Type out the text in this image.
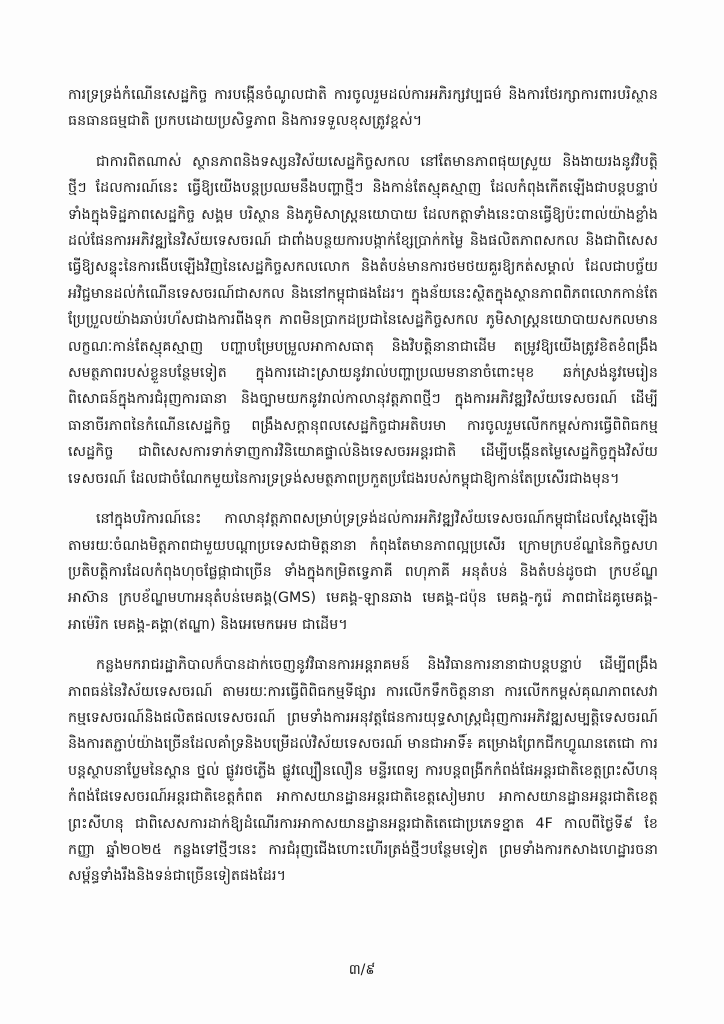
ការទ្រទ្រង់កំណើនសេដ្ឋកិច្ច ការបង្កើនចំណូលជាតិ ការចូលរួមដល់ការអភិរក្សវប្បធម៌ និងការថែរក្សាការពារបរិស្ថាន ធនធានធម្មជាតិ ប្រកបដោយប្រសិទ្ធភាព និងការទទួលខុសត្រូវខ្ពស់។

ជាការពិតណាស់ ស្ថានភាពនិងទស្សនវិស័យសេដ្ឋកិច្ចសកល នៅតែមានភាពផុយស្រួយ និងងាយរងនូវវិបត្តិថ្មីៗ ដែលការណ៍នេះ ធ្វើឱ្យយើងបន្តប្រឈមនឹងបញ្ហាថ្មីៗ និងកាន់តែស្មុគស្មាញ ដែលកំពុងកើតឡើងជាបន្តបន្ទាប់ ទាំងក្នុងទិដ្ឋភាពសេដ្ឋកិច្ច សង្គម បរិស្ថាន និងភូមិសាស្ត្រនយោបាយ ដែលកត្តាទាំងនេះបានធ្វើឱ្យប៉ះពាល់យ៉ាងខ្លាំងដល់ផែនការអភិវឌ្ឍនៃវិស័យទេសចរណ៍ ជាពាំងបន្ថយការបង្កាក់ខ្សែប្រាក់កម្លៃ និងផលិតភាពសកល និងជាពិសេសធ្វើឱ្យសន្ទុះនៃការងើបឡើងវិញនៃសេដ្ឋកិច្ចសកលលោក និងតំបន់មានការថមថយគួរឱ្យកត់សម្គាល់ ដែលជាបច្ច័យអវិជ្ជមានដល់កំណើនទេសចរណ៍ជាសកល និងនៅកម្ពុជាផងដែរ។ ក្នុងន័យនេះស្ថិតក្នុងស្ថានភាពពិភពលោកកាន់តែប្រែប្រួលយ៉ាងឆាប់រហ័សជាងការពីងទុក ភាពមិនប្រាកដប្រជានៃសេដ្ឋកិច្ចសកល ភូមិសាស្ត្រនយោបាយសកលមានលក្ខណៈកាន់តែស្មុគស្មាញ បញ្ហាបម្រែបម្រួលអាកាសធាតុ និងវិបត្តិនានាជាដើម តម្រូវឱ្យយើងត្រូវខិតខំពង្រឹងសមត្ថភាពរបស់ខ្លួនបន្ថែមទៀត ក្នុងការដោះស្រាយនូវរាល់បញ្ហាប្រឈមនានាចំពោះមុខ ឆក់ស្រង់នូវមេរៀនពិសោធន៍ក្នុងការជំរុញការធានា និងច្បាមយកនូវរាល់កាលានុវត្តភាពថ្មីៗ ក្នុងការអភិវឌ្ឍវិស័យទេសចរណ៍ ដើម្បីធានាចីរភាពនៃកំណើនសេដ្ឋកិច្ច ពង្រឹងសក្តានុពលសេដ្ឋកិច្ចជាអតិបរមា ការចូលរួមលើកកម្ពស់ការធ្វើពិពិធកម្មសេដ្ឋកិច្ច ជាពិសេសការទាក់ទាញការវិនិយោគផ្ទាល់និងទេសចរអន្តរជាតិ ដើម្បីបង្កើនតម្លៃសេដ្ឋកិច្ចក្នុងវិស័យទេសចរណ៍ ដែលជាចំណែកមួយនៃការទ្រទ្រង់សមត្ថភាពប្រកួតប្រជែងរបស់កម្ពុជាឱ្យកាន់តែប្រសើរជាងមុន។

នៅក្នុងបរិការណ៍នេះ កាលានុវត្តភាពសម្រាប់ទ្រទ្រង់ដល់ការអភិវឌ្ឍវិស័យទេសចរណ៍កម្ពុជាដែលស្ដែងឡើងតាមរយៈចំណងមិត្តភាពជាមួយបណ្ដាប្រទេសជាមិត្តនានា កំពុងតែមានភាពល្អប្រសើរ ក្រោមក្របខ័ណ្ឌនៃកិច្ចសហប្រតិបត្តិការដែលកំពុងហុចផ្លែផ្កាជាច្រើន ទាំងក្នុងកម្រិតទ្វេភាគី ពហុភាគី អនុតំបន់ និងតំបន់ដូចជា ក្របខ័ណ្ឌអាស៊ាន ក្របខ័ណ្ឌមហាអនុតំបន់មេគង្គ(GMS) មេគង្គ-ឡានឆាង មេគង្គ-ជប៉ុន មេគង្គ-កូរ៉េ ភាពជាដៃគូមេគង្គ-អាម៉េរិក មេគង្គ-គង្គា(ឥណ្ឌា) និងអេមេកអេម ជាដើម។

កន្លងមករាជរដ្ឋាភិបាលក៏បានដាក់ចេញនូវវិធានការអន្តរាគមន៍ និងវិធានការនានាជាបន្តបន្ទាប់ ដើម្បីពង្រឹងភាពធន់នៃវិស័យទេសចរណ៍ តាមរយៈការធ្វើពិពិធកម្មទីផ្សារ ការលើកទឹកចិត្តនានា ការលើកកម្ពស់គុណភាពសេវាកម្មទេសចរណ៍និងផលិតផលទេសចរណ៍ ព្រមទាំងការអនុវត្តផែនការយុទ្ធសាស្ត្រជំរុញការអភិវឌ្ឍសម្បត្តិទេសចរណ៍និងការតភ្ជាប់យ៉ាងច្រើនដែលគាំទ្រនិងបម្រើដល់វិស័យទេសចរណ៍ មានជាអាទិ៍៖ គម្រោងព្រែកជីកហ្វូណនតេជោ ការបន្តស្ថាបនាប្លែមនៃស្ពាន ថ្នល់ ផ្លូវរថភ្លើង ផ្លូវល្បឿនលឿន មន្ទីរពេទ្យ ការបន្តពង្រីកកំពង់ផែអន្តរជាតិខេត្តព្រះសីហនុ កំពង់ផែទេសចរណ៍អន្តរជាតិខេត្តកំពត អាកាសយានដ្ឋានអន្តរជាតិខេត្តសៀមរាប អាកាសយានដ្ឋានអន្តរជាតិខេត្តព្រះសីហនុ ជាពិសេសការដាក់ឱ្យដំណើរការអាកាសយានដ្ឋានអន្តរជាតិតេជោប្រភេទខ្នាត 4F កាលពីថ្ងៃទី៩ ខែកញ្ញា ឆ្នាំ២០២៥ កន្លងទៅថ្មីៗនេះ ការជំរុញជើងហោះហើរត្រង់ថ្មីៗបន្ថែមទៀត ព្រមទាំងការកសាងហេដ្ឋារចនាសម្ព័ន្ធទាំងរឹងនិងទន់ជាច្រើនទៀតផងដែរ។

៣/៩
